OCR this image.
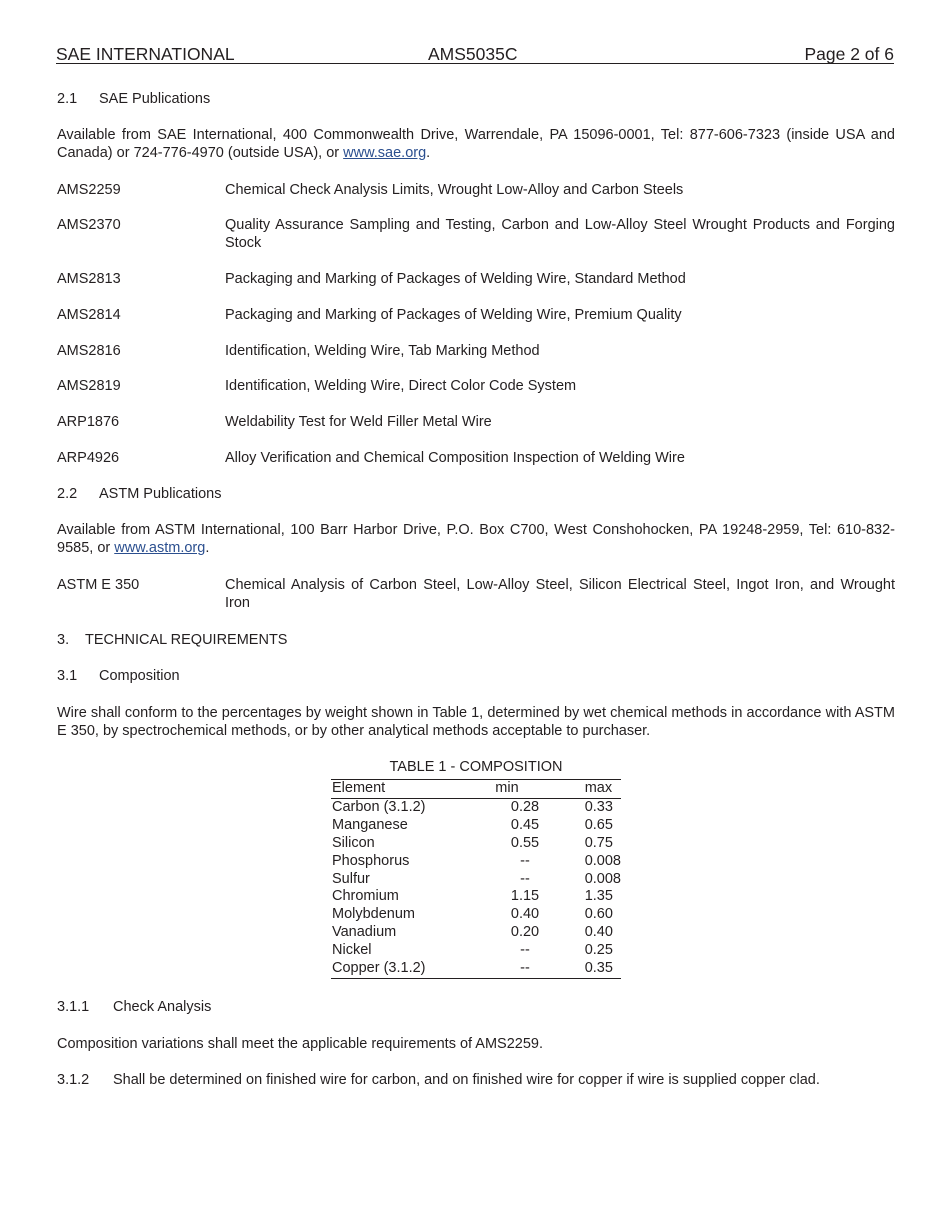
SAE INTERNATIONAL	AMS5035C	Page 2 of 6
2.1 SAE Publications
Available from SAE International, 400 Commonwealth Drive, Warrendale, PA 15096-0001, Tel: 877-606-7323 (inside USA and Canada) or 724-776-4970 (outside USA), or www.sae.org.
AMS2259	Chemical Check Analysis Limits, Wrought Low-Alloy and Carbon Steels
AMS2370	Quality Assurance Sampling and Testing, Carbon and Low-Alloy Steel Wrought Products and Forging Stock
AMS2813	Packaging and Marking of Packages of Welding Wire, Standard Method
AMS2814	Packaging and Marking of Packages of Welding Wire, Premium Quality
AMS2816	Identification, Welding Wire, Tab Marking Method
AMS2819	Identification, Welding Wire, Direct Color Code System
ARP1876	Weldability Test for Weld Filler Metal Wire
ARP4926	Alloy Verification and Chemical Composition Inspection of Welding Wire
2.2 ASTM Publications
Available from ASTM International, 100 Barr Harbor Drive, P.O. Box C700, West Conshohocken, PA 19248-2959, Tel: 610-832-9585, or www.astm.org.
ASTM E 350	Chemical Analysis of Carbon Steel, Low-Alloy Steel, Silicon Electrical Steel, Ingot Iron, and Wrought Iron
3. TECHNICAL REQUIREMENTS
3.1 Composition
Wire shall conform to the percentages by weight shown in Table 1, determined by wet chemical methods in accordance with ASTM E 350, by spectrochemical methods, or by other analytical methods acceptable to purchaser.
TABLE 1 - COMPOSITION
Element	min	max
Carbon (3.1.2)	0.28	0.33
Manganese	0.45	0.65
Silicon	0.55	0.75
Phosphorus	--	0.008
Sulfur	--	0.008
Chromium	1.15	1.35
Molybdenum	0.40	0.60
Vanadium	0.20	0.40
Nickel	--	0.25
Copper (3.1.2)	--	0.35
3.1.1 Check Analysis
Composition variations shall meet the applicable requirements of AMS2259.
3.1.2 Shall be determined on finished wire for carbon, and on finished wire for copper if wire is supplied copper clad.
